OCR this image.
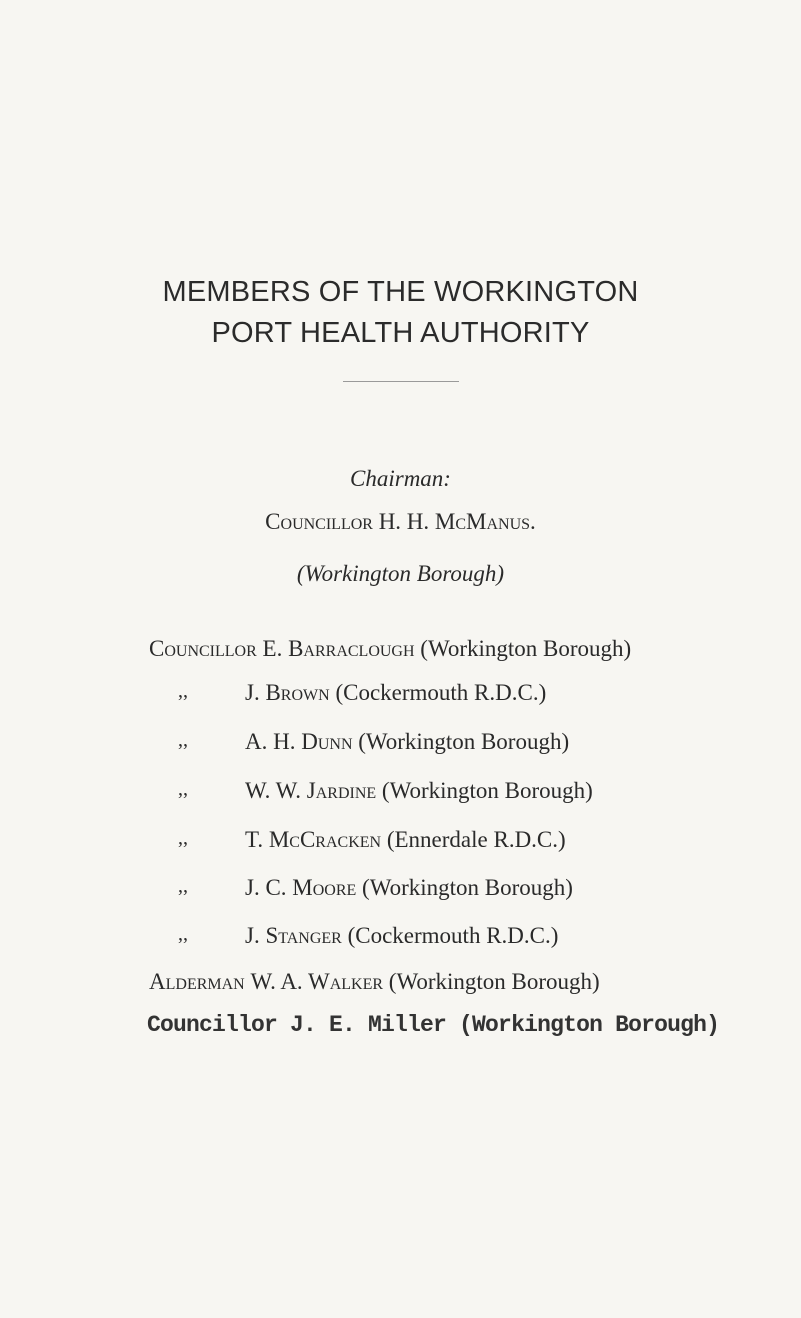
MEMBERS OF THE WORKINGTON
PORT HEALTH AUTHORITY
Chairman:
Councillor H. H. McManus.
(Workington Borough)
Councillor E. Barraclough (Workington Borough)
,, J. Brown (Cockermouth R.D.C.)
,, A. H. Dunn (Workington Borough)
,, W. W. Jardine (Workington Borough)
,, T. McCracken (Ennerdale R.D.C.)
,, J. C. Moore (Workington Borough)
,, J. Stanger (Cockermouth R.D.C.)
Alderman W. A. Walker (Workington Borough)
Councillor J. E. Miller (Workington Borough)
